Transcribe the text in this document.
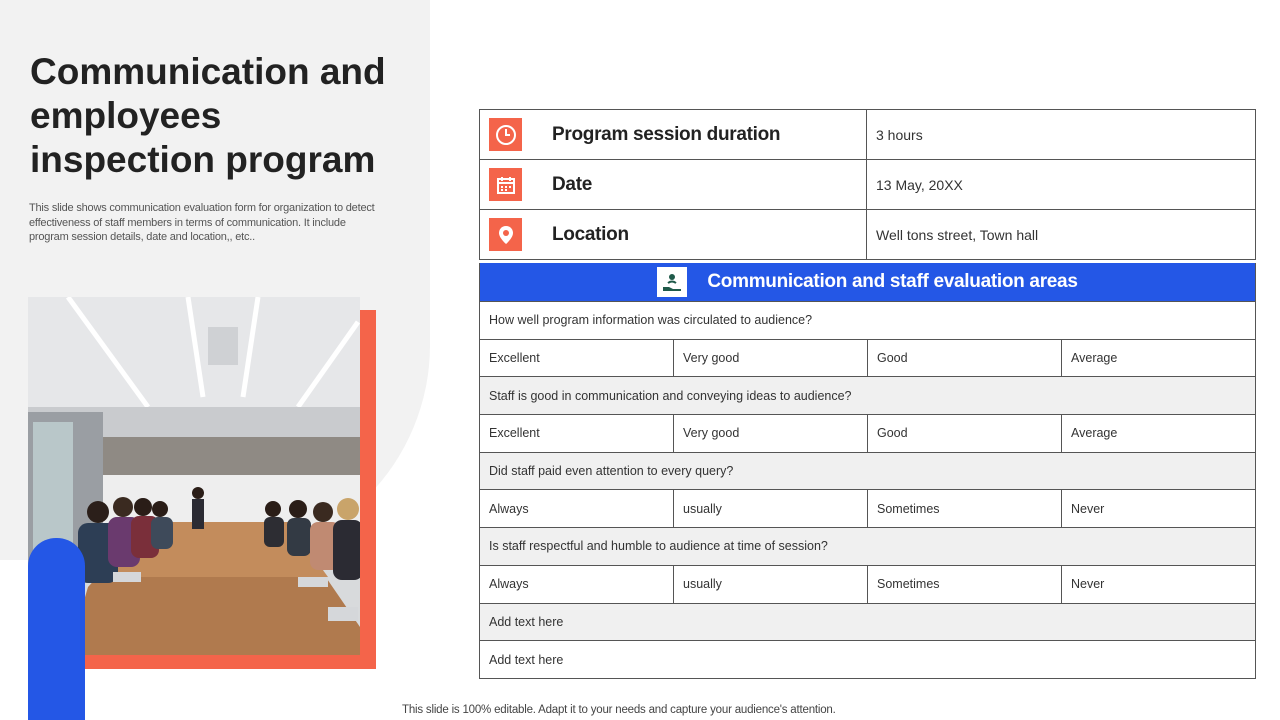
Communication and employees inspection program

This slide shows communication evaluation form for organization to detect effectiveness of staff members in terms of communication. It include program session details, date and location,, etc..

Program session duration	3 hours
Date	13 May, 20XX
Location	Well tons street, Town hall
Communication and staff evaluation areas
How well program information was circulated to audience?
Excellent	Very good	Good	Average
Staff is good in communication and conveying ideas to audience?
Excellent	Very good	Good	Average
Did staff paid even attention to every query?
Always	usually	Sometimes	Never
Is staff respectful and humble to audience at time of session?
Always	usually	Sometimes	Never
Add text here
Add text here
This slide is 100% editable. Adapt it to your needs and capture your audience's attention.
